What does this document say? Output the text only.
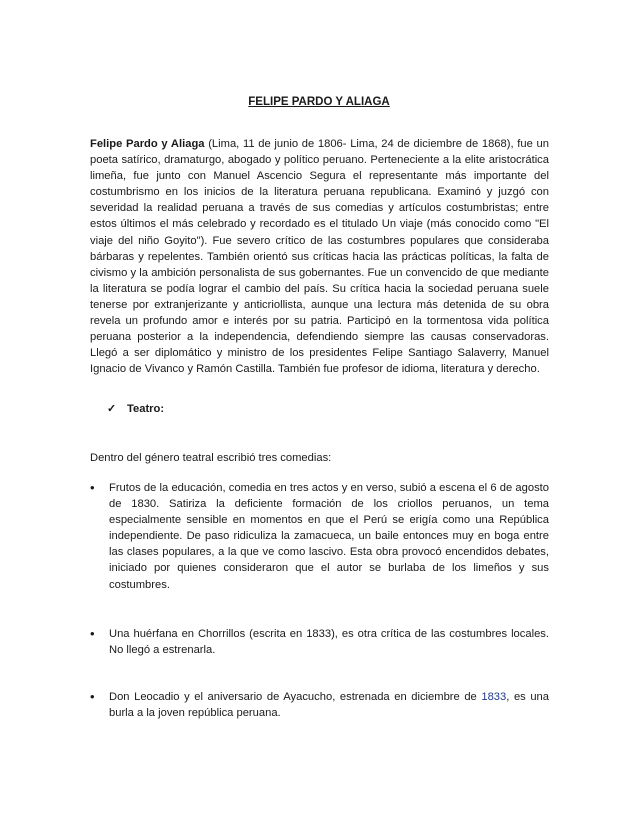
FELIPE PARDO Y ALIAGA

Felipe Pardo y Aliaga (Lima, 11 de junio de 1806- Lima, 24 de diciembre de 1868), fue un poeta satírico, dramaturgo, abogado y político peruano. Perteneciente a la elite aristocrática limeña, fue junto con Manuel Ascencio Segura el representante más importante del costumbrismo en los inicios de la literatura peruana republicana. Examinó y juzgó con severidad la realidad peruana a través de sus comedias y artículos costumbristas; entre estos últimos el más celebrado y recordado es el titulado Un viaje (más conocido como "El viaje del niño Goyito"). Fue severo crítico de las costumbres populares que consideraba bárbaras y repelentes. También orientó sus críticas hacia las prácticas políticas, la falta de civismo y la ambición personalista de sus gobernantes. Fue un convencido de que mediante la literatura se podía lograr el cambio del país. Su crítica hacia la sociedad peruana suele tenerse por extranjerizante y anticriollista, aunque una lectura más detenida de su obra revela un profundo amor e interés por su patria. Participó en la tormentosa vida política peruana posterior a la independencia, defendiendo siempre las causas conservadoras. Llegó a ser diplomático y ministro de los presidentes Felipe Santiago Salaverry, Manuel Ignacio de Vivanco y Ramón Castilla. También fue profesor de idioma, literatura y derecho.

✓ Teatro:

Dentro del género teatral escribió tres comedias:

•	Frutos de la educación, comedia en tres actos y en verso, subió a escena el 6 de agosto de 1830. Satiriza la deficiente formación de los criollos peruanos, un tema especialmente sensible en momentos en que el Perú se erigía como una República independiente. De paso ridiculiza la zamacueca, un baile entonces muy en boga entre las clases populares, a la que ve como lascivo. Esta obra provocó encendidos debates, iniciado por quienes consideraron que el autor se burlaba de los limeños y sus costumbres.
•	Una huérfana en Chorrillos (escrita en 1833), es otra crítica de las costumbres locales. No llegó a estrenarla.
•	Don Leocadio y el aniversario de Ayacucho, estrenada en diciembre de 1833, es una burla a la joven república peruana.
